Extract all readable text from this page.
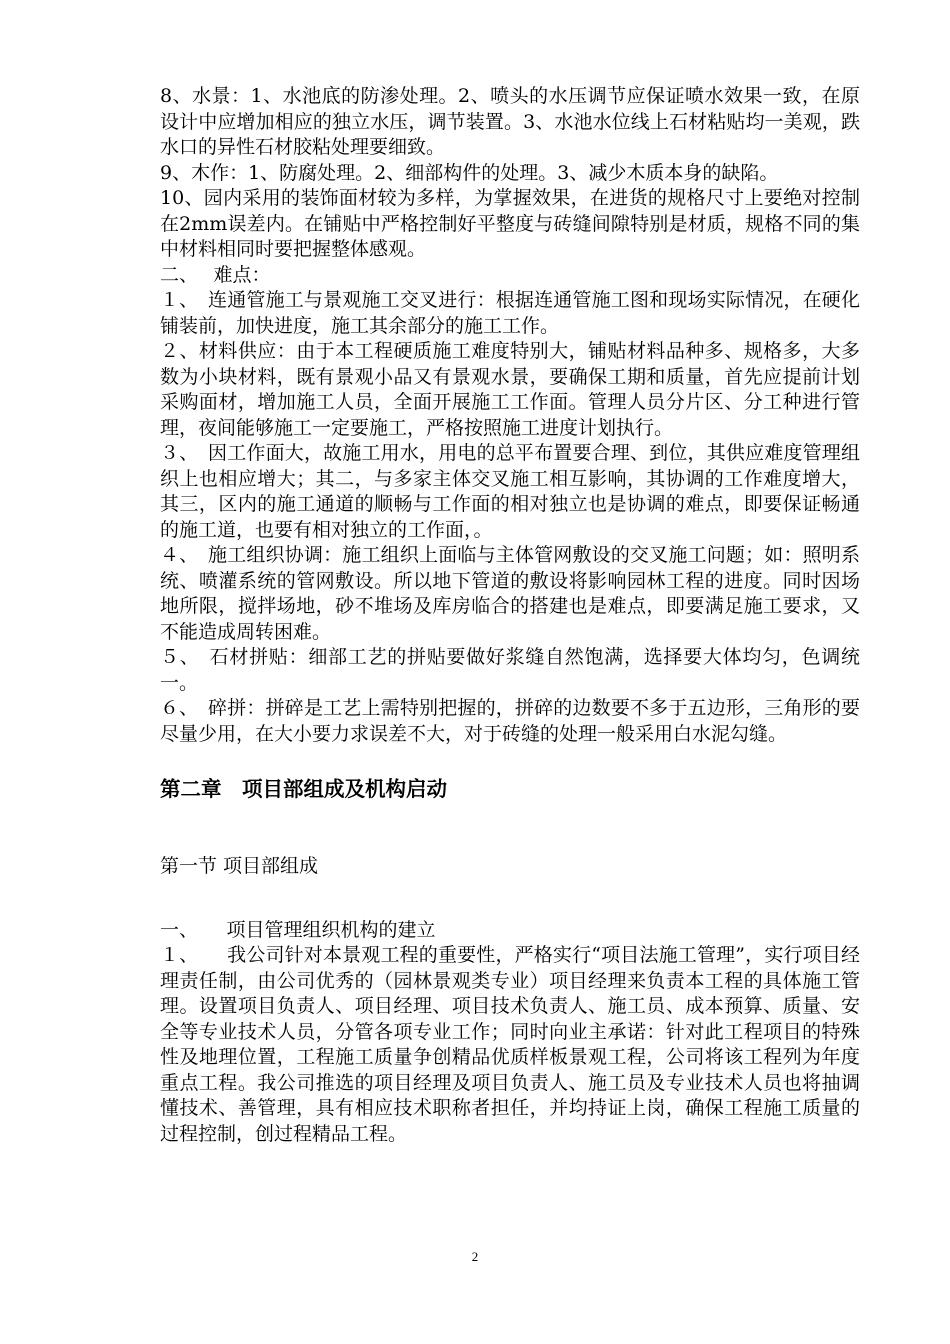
8、水景：1、水池底的防渗处理。2、喷头的水压调节应保证喷水效果一致，在原设计中应增加相应的独立水压，调节装置。3、水池水位线上石材粘贴均一美观，跌水口的异性石材胶粘处理要细致。

9、木作：1、防腐处理。2、细部构件的处理。3、减少木质本身的缺陷。

10、园内采用的装饰面材较为多样，为掌握效果，在进货的规格尺寸上要绝对控制在2mm误差内。在铺贴中严格控制好平整度与砖缝间隙特别是材质，规格不同的集中材料相同时要把握整体感观。

二、　 难点：

１、　连通管施工与景观施工交叉进行：根据连通管施工图和现场实际情况，在硬化铺装前，加快进度，施工其余部分的施工工作。

２、材料供应：由于本工程硬质施工难度特别大，铺贴材料品种多、规格多，大多数为小块材料，既有景观小品又有景观水景，要确保工期和质量，首先应提前计划采购面材，增加施工人员，全面开展施工工作面。管理人员分片区、分工种进行管理，夜间能够施工一定要施工，严格按照施工进度计划执行。

３、　因工作面大，故施工用水，用电的总平布置要合理、到位，其供应难度管理组织上也相应增大；其二，与多家主体交叉施工相互影响，其协调的工作难度增大，其三，区内的施工通道的顺畅与工作面的相对独立也是协调的难点，即要保证畅通的施工道，也要有相对独立的工作面，。

４、　施工组织协调：施工组织上面临与主体管网敷设的交叉施工问题；如：照明系统、喷灌系统的管网敷设。所以地下管道的敷设将影响园林工程的进度。同时因场地所限，搅拌场地，砂不堆场及库房临合的搭建也是难点，即要满足施工要求，又不能造成周转困难。

５、　石材拼贴：细部工艺的拼贴要做好浆缝自然饱满，选择要大体均匀，色调统一。

６、　碎拼：拼碎是工艺上需特别把握的，拼碎的边数要不多于五边形，三角形的要尽量少用，在大小要力求误差不大，对于砖缝的处理一般采用白水泥勾缝。

第二章　项目部组成及机构启动

第一节 项目部组成

一、　　项目管理组织机构的建立

１、　　我公司针对本景观工程的重要性，严格实行“项目法施工管理”，实行项目经理责任制，由公司优秀的（园林景观类专业）项目经理来负责本工程的具体施工管理。设置项目负责人、项目经理、项目技术负责人、施工员、成本预算、质量、安全等专业技术人员，分管各项专业工作；同时向业主承诺：针对此工程项目的特殊性及地理位置，工程施工质量争创精品优质样板景观工程，公司将该工程列为年度重点工程。我公司推选的项目经理及项目负责人、施工员及专业技术人员也将抽调懂技术、善管理，具有相应技术职称者担任，并均持证上岗，确保工程施工质量的过程控制，创过程精品工程。

2
